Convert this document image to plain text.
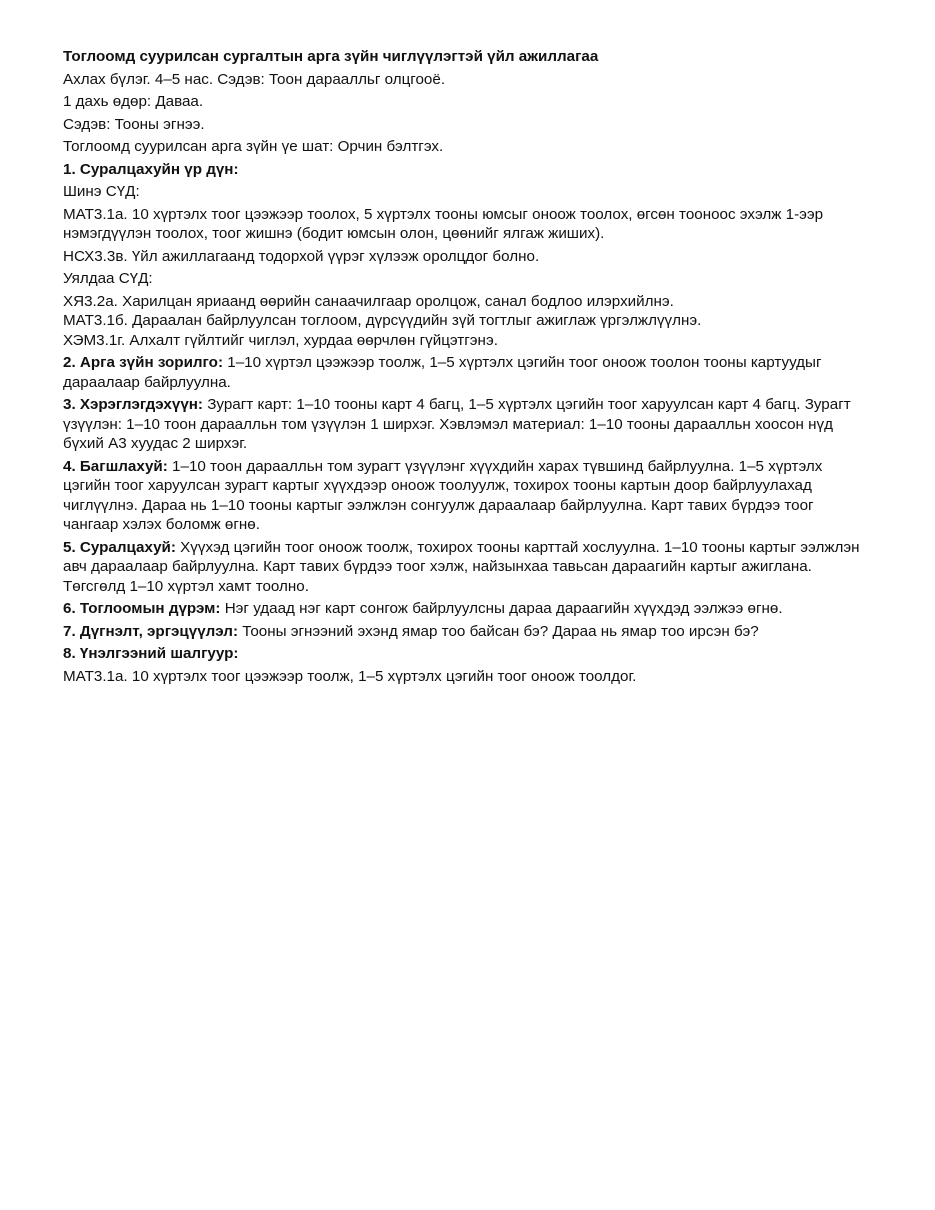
Тоглоомд суурилсан сургалтын арга зүйн чиглүүлэгтэй үйл ажиллагаа

Ахлах бүлэг. 4–5 нас. Сэдэв: Тоон дараалльг олцгооё.

1 дахь өдөр: Даваа.

Сэдэв: Тооны эгнээ.

Тоглоомд суурилсан арга зүйн үе шат: Орчин бэлтгэх.

1. Суралцахуйн үр дүн:

Шинэ СҮД:

МАТ3.1а. 10 хүртэлх тоог цээжээр тоолох, 5 хүртэлх тооны юмсыг оноож тоолох, өгсөн тооноос эхэлж 1-ээр нэмэгдүүлэн тоолох, тоог жишнэ (бодит юмсын олон, цөөнийг ялгаж жиших).

НСХ3.3в. Үйл ажиллагаанд тодорхой үүрэг хүлээж оролцдог болно.

Уялдаа СҮД:

ХЯ3.2а. Харилцан яриаанд өөрийн санаачилгаар оролцож, санал бодлоо илэрхийлнэ.

МАТ3.1б. Дараалан байрлуулсан тоглоом, дүрсүүдийн зүй тогтлыг ажиглаж үргэлжлүүлнэ.

ХЭМ3.1г. Алхалт гүйлтийг чиглэл, хурдаа өөрчлөн гүйцэтгэнэ.

2. Арга зүйн зорилго: 1–10 хүртэл цээжээр тоолж, 1–5 хүртэлх цэгийн тоог оноож тоолон тооны картуудыг дараалаар байрлуулна.

3. Хэрэглэгдэхүүн: Зурагт карт: 1–10 тооны карт 4 багц, 1–5 хүртэлх цэгийн тоог харуулсан карт 4 багц. Зурагт үзүүлэн: 1–10 тоон дараалльн том үзүүлэн 1 ширхэг. Хэвлэмэл материал: 1–10 тооны дараалльн хоосон нүд бүхий А3 хуудас 2 ширхэг.

4. Багшлахуй: 1–10 тоон дараалльн том зурагт үзүүлэнг хүүхдийн харах түвшинд байрлуулна. 1–5 хүртэлх цэгийн тоог харуулсан зурагт картыг хүүхдээр оноож тоолуулж, тохирох тооны картын доор байрлуулахад чиглүүлнэ. Дараа нь 1–10 тооны картыг ээлжлэн сонгуулж дараалаар байрлуулна. Карт тавих бүрдээ тоог чангаар хэлэх боломж өгнө.

5. Суралцахуй: Хүүхэд цэгийн тоог оноож тоолж, тохирох тооны карттай хослуулна. 1–10 тооны картыг ээлжлэн авч дараалаар байрлуулна. Карт тавих бүрдээ тоог хэлж, найзынхаа тавьсан дараагийн картыг ажиглана. Төгсгөлд 1–10 хүртэл хамт тоолно.

6. Тоглоомын дүрэм: Нэг удаад нэг карт сонгож байрлуулсны дараа дараагийн хүүхдэд ээлжээ өгнө.

7. Дүгнэлт, эргэцүүлэл: Тооны эгнээний эхэнд ямар тоо байсан бэ? Дараа нь ямар тоо ирсэн бэ?

8. Үнэлгээний шалгуур:

МАТ3.1а. 10 хүртэлх тоог цээжээр тоолж, 1–5 хүртэлх цэгийн тоог оноож тоолдог.
